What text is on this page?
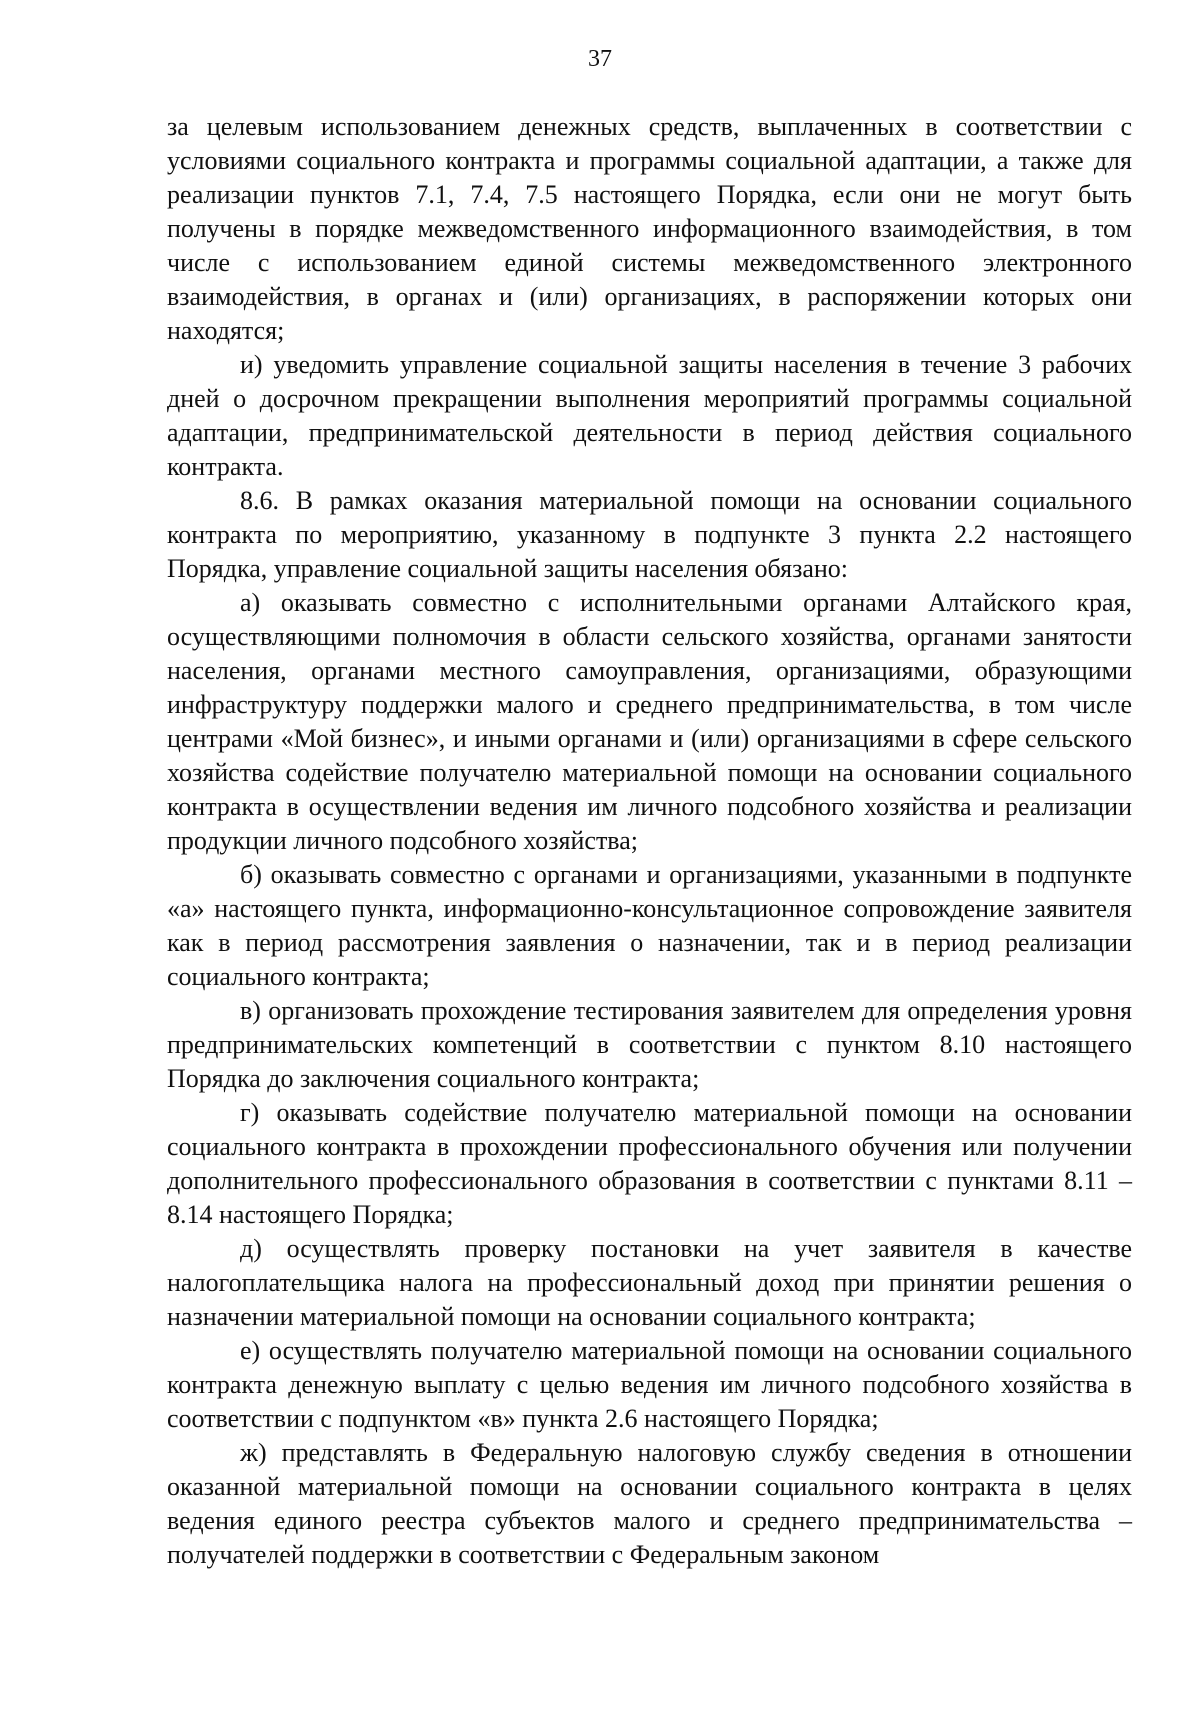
37

за целевым использованием денежных средств, выплаченных в соответствии с условиями социального контракта и программы социальной адаптации, а также для реализации пунктов 7.1, 7.4, 7.5 настоящего Порядка, если они не могут быть получены в порядке межведомственного информационного взаимодействия, в том числе с использованием единой системы межведомственного электронного взаимодействия, в органах и (или) организациях, в распоряжении которых они находятся;

и) уведомить управление социальной защиты населения в течение 3 рабочих дней о досрочном прекращении выполнения мероприятий программы социальной адаптации, предпринимательской деятельности в период действия социального контракта.

8.6. В рамках оказания материальной помощи на основании социального контракта по мероприятию, указанному в подпункте 3 пункта 2.2 настоящего Порядка, управление социальной защиты населения обязано:

а) оказывать совместно с исполнительными органами Алтайского края, осуществляющими полномочия в области сельского хозяйства, органами занятости населения, органами местного самоуправления, организациями, образующими инфраструктуру поддержки малого и среднего предпринимательства, в том числе центрами «Мой бизнес», и иными органами и (или) организациями в сфере сельского хозяйства содействие получателю материальной помощи на основании социального контракта в осуществлении ведения им личного подсобного хозяйства и реализации продукции личного подсобного хозяйства;

б) оказывать совместно с органами и организациями, указанными в подпункте «а» настоящего пункта, информационно-консультационное сопровождение заявителя как в период рассмотрения заявления о назначении, так и в период реализации социального контракта;

в) организовать прохождение тестирования заявителем для определения уровня предпринимательских компетенций в соответствии с пунктом 8.10 настоящего Порядка до заключения социального контракта;

г) оказывать содействие получателю материальной помощи на основании социального контракта в прохождении профессионального обучения или получении дополнительного профессионального образования в соответствии с пунктами 8.11 – 8.14 настоящего Порядка;

д) осуществлять проверку постановки на учет заявителя в качестве налогоплательщика налога на профессиональный доход при принятии решения о назначении материальной помощи на основании социального контракта;

е) осуществлять получателю материальной помощи на основании социального контракта денежную выплату с целью ведения им личного подсобного хозяйства в соответствии с подпунктом «в» пункта 2.6 настоящего Порядка;

ж) представлять в Федеральную налоговую службу сведения в отношении оказанной материальной помощи на основании социального контракта в целях ведения единого реестра субъектов малого и среднего предпринимательства – получателей поддержки в соответствии с Федеральным законом
